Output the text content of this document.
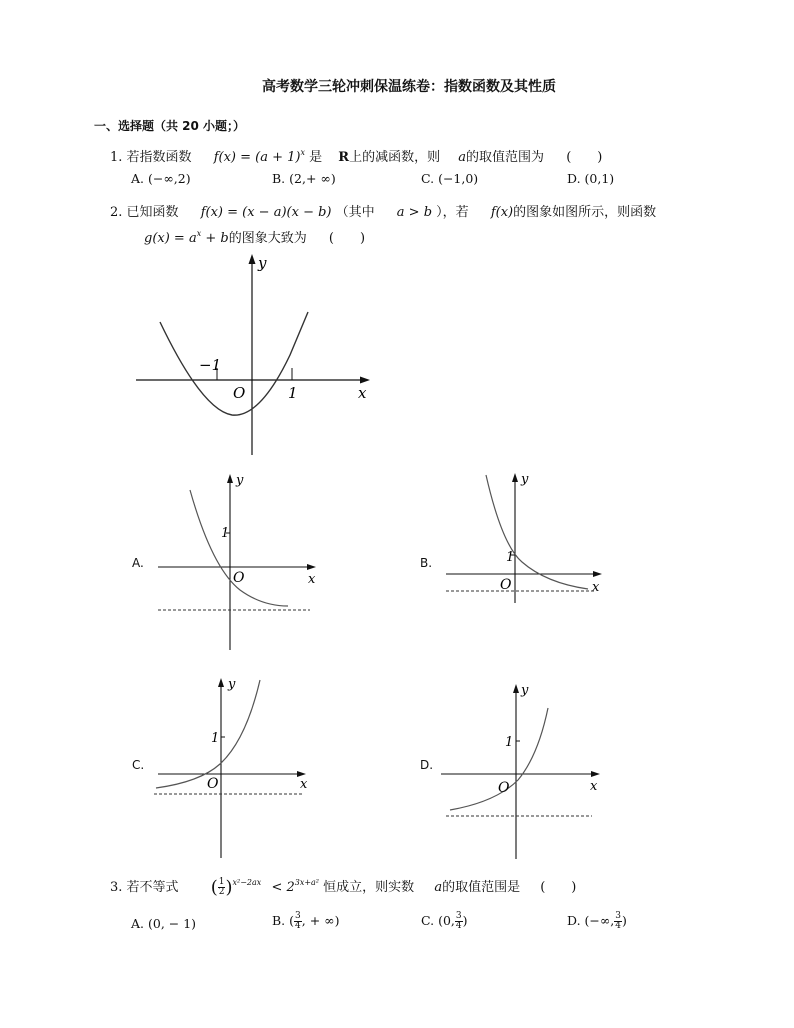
高考数学三轮冲刺保温练卷：指数函数及其性质
一、选择题（共 20 小题；）
1. 若指数函数 $f(x) = (a + 1)^x$ 是 R上的减函数，则 a的取值范围为 (　　)
A. (−∞,2)	B. (2,+ ∞)	C. (−1,0)	D. (0,1)
2. 已知函数 f(x) = (x − a)(x − b) （其中 a > b ），若 f(x)的图象如图所示，则函数
$g(x) = a^x + b$的图象大致为 (　　)
y
x
O
−1
1
A.
y
x
O
1
B.
y
x
O
1
C.
y
x
O
1
D.
y
x
O
1
3. 若不等式 ( $\frac{1}{2} )^{x^2-2ax} < 2^{3x+a^2}$ 恒成立，则实数 a的取值范围是 (　　)
A. (0, − 1)	B. ( $\frac{3}{4}$ , + ∞)	C. (0, $\frac{3}{4}$ )	D. (−∞, $\frac{3}{4}$ )
